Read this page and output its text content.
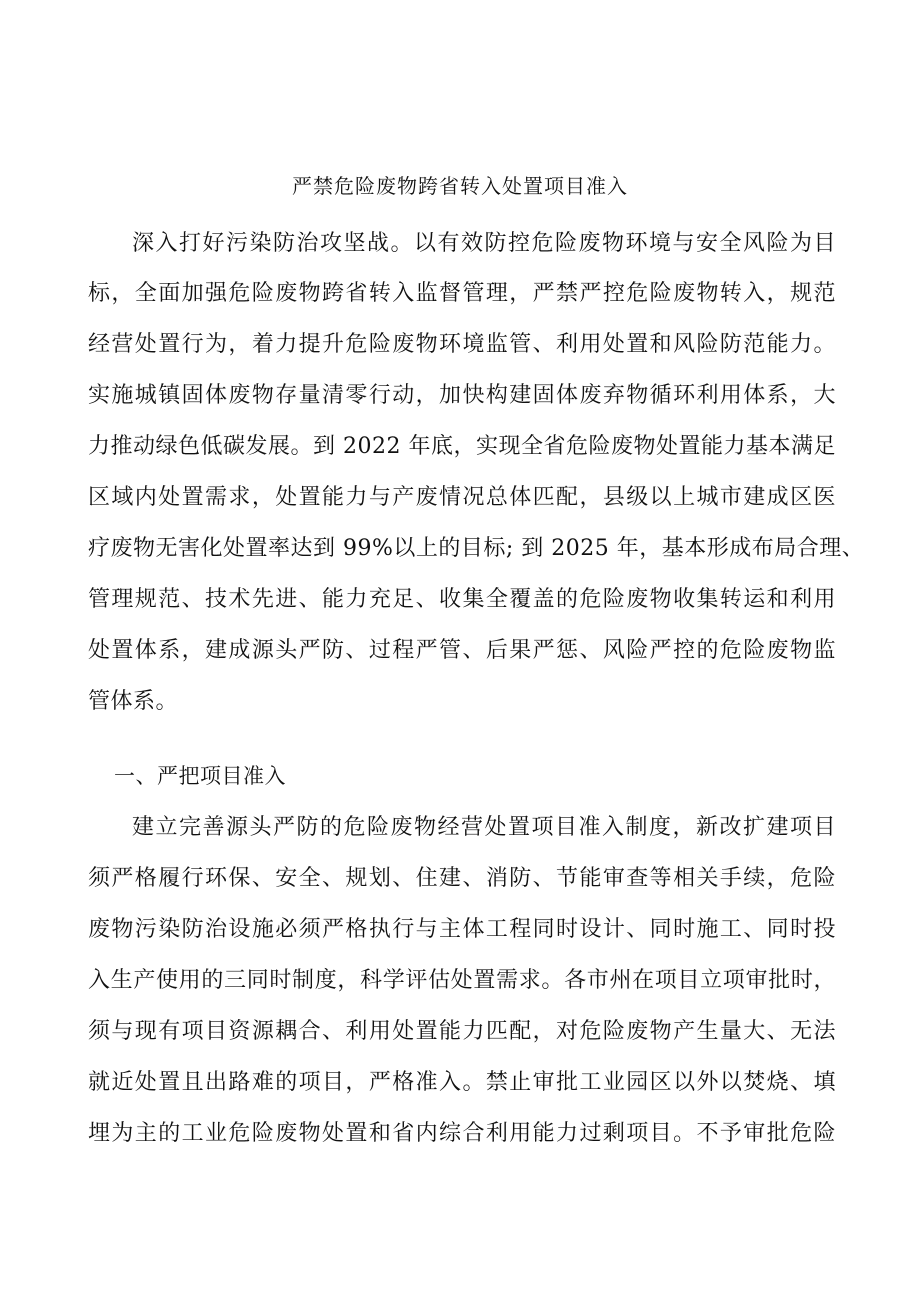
严禁危险废物跨省转入处置项目准入
深入打好污染防治攻坚战。以有效防控危险废物环境与安全风险为目
标，全面加强危险废物跨省转入监督管理，严禁严控危险废物转入，规范
经营处置行为，着力提升危险废物环境监管、利用处置和风险防范能力。
实施城镇固体废物存量清零行动，加快构建固体废弃物循环利用体系，大
力推动绿色低碳发展。到 2022 年底，实现全省危险废物处置能力基本满足
区域内处置需求，处置能力与产废情况总体匹配，县级以上城市建成区医
疗废物无害化处置率达到 99%以上的目标; 到 2025 年，基本形成布局合理、
管理规范、技术先进、能力充足、收集全覆盖的危险废物收集转运和利用
处置体系，建成源头严防、过程严管、后果严惩、风险严控的危险废物监
管体系。
一、严把项目准入
建立完善源头严防的危险废物经营处置项目准入制度，新改扩建项目
须严格履行环保、安全、规划、住建、消防、节能审查等相关手续，危险
废物污染防治设施必须严格执行与主体工程同时设计、同时施工、同时投
入生产使用的三同时制度，科学评估处置需求。各市州在项目立项审批时，
须与现有项目资源耦合、利用处置能力匹配，对危险废物产生量大、无法
就近处置且出路难的项目，严格准入。禁止审批工业园区以外以焚烧、填
埋为主的工业危险废物处置和省内综合利用能力过剩项目。不予审批危险
